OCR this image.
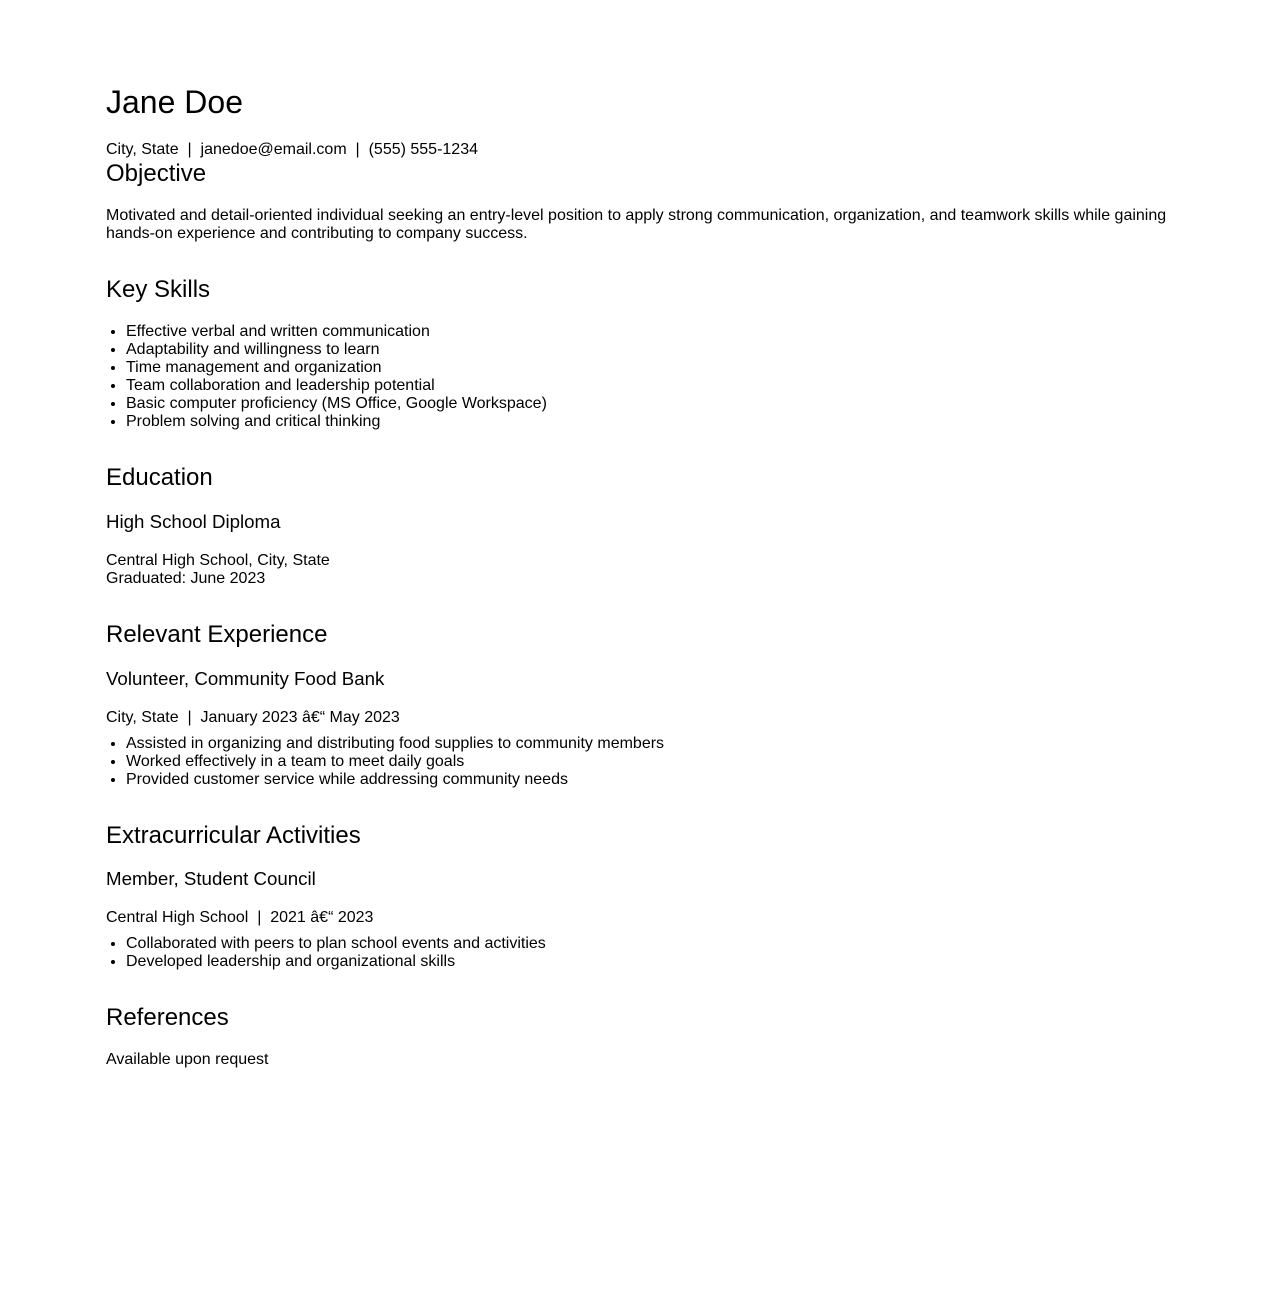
Jane Doe

City, State  |  janedoe@email.com  |  (555) 555-1234

Objective

Motivated and detail-oriented individual seeking an entry-level position to apply strong communication, organization, and teamwork skills while gaining hands-on experience and contributing to company success.

Key Skills
• Effective verbal and written communication
• Adaptability and willingness to learn
• Time management and organization
• Team collaboration and leadership potential
• Basic computer proficiency (MS Office, Google Workspace)
• Problem solving and critical thinking
Education
High School Diploma

Central High School, City, State

Graduated: June 2023

Relevant Experience
Volunteer, Community Food Bank

City, State  |  January 2023 â€“ May 2023

• Assisted in organizing and distributing food supplies to community members
• Worked effectively in a team to meet daily goals
• Provided customer service while addressing community needs
Extracurricular Activities
Member, Student Council

Central High School  |  2021 â€“ 2023

• Collaborated with peers to plan school events and activities
• Developed leadership and organizational skills
References

Available upon request
